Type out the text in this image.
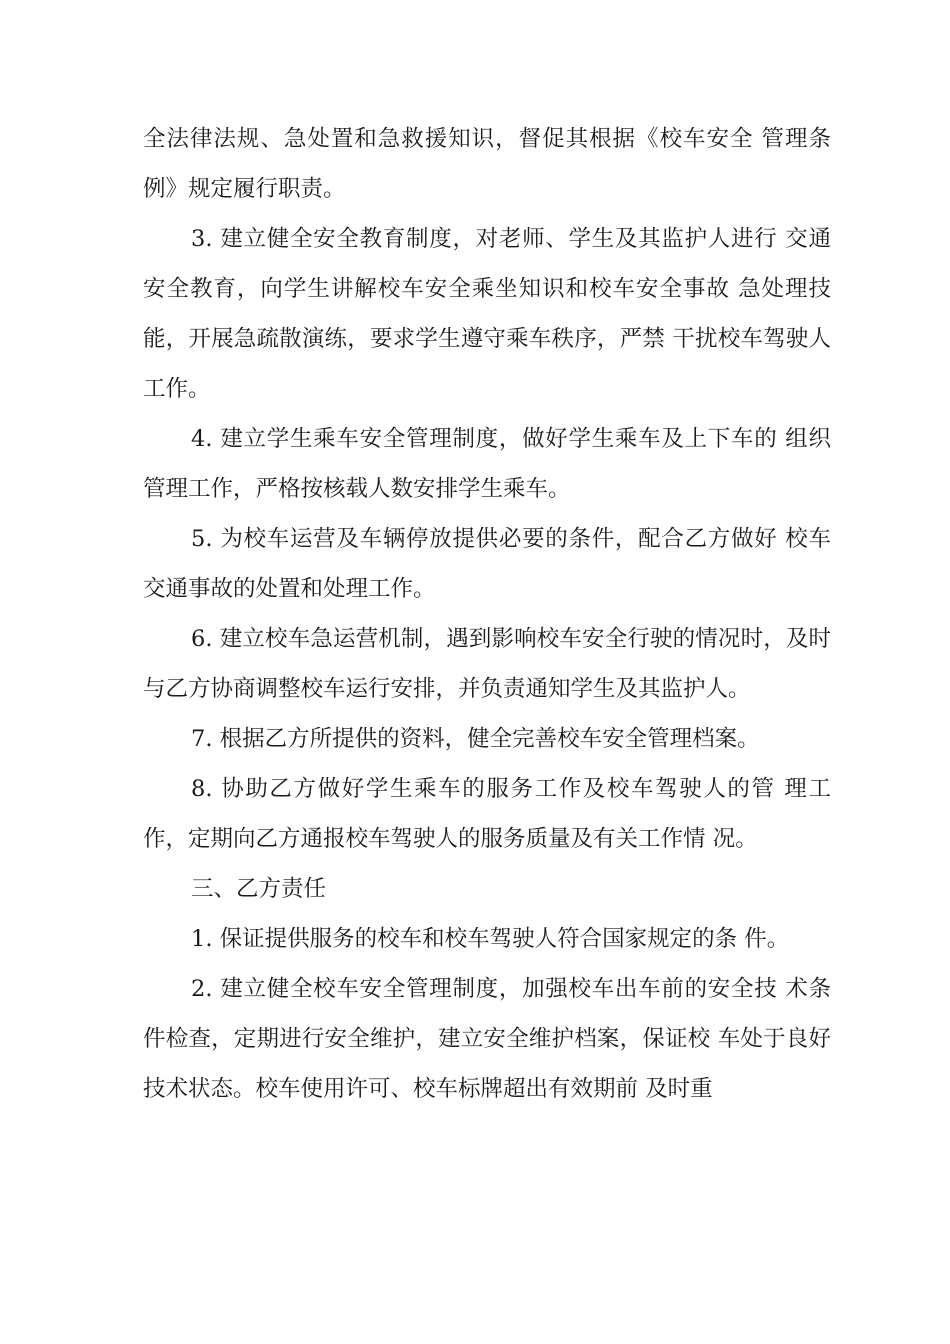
全法律法规、急处置和急救援知识，督促其根据《校车安全 管理条例》规定履行职责。

3. 建立健全安全教育制度，对老师、学生及其监护人进行 交通安全教育，向学生讲解校车安全乘坐知识和校车安全事故 急处理技能，开展急疏散演练，要求学生遵守乘车秩序，严禁 干扰校车驾驶人工作。

4. 建立学生乘车安全管理制度，做好学生乘车及上下车的 组织管理工作，严格按核载人数安排学生乘车。

5. 为校车运营及车辆停放提供必要的条件，配合乙方做好 校车交通事故的处置和处理工作。

6. 建立校车急运营机制，遇到影响校车安全行驶的情况时，及时与乙方协商调整校车运行安排，并负责通知学生及其监护人。

7. 根据乙方所提供的资料，健全完善校车安全管理档案。

8. 协助乙方做好学生乘车的服务工作及校车驾驶人的管 理工作，定期向乙方通报校车驾驶人的服务质量及有关工作情 况。

三、乙方责任

1. 保证提供服务的校车和校车驾驶人符合国家规定的条 件。

2. 建立健全校车安全管理制度，加强校车出车前的安全技 术条件检查，定期进行安全维护，建立安全维护档案，保证校 车处于良好技术状态。校车使用许可、校车标牌超出有效期前 及时重
